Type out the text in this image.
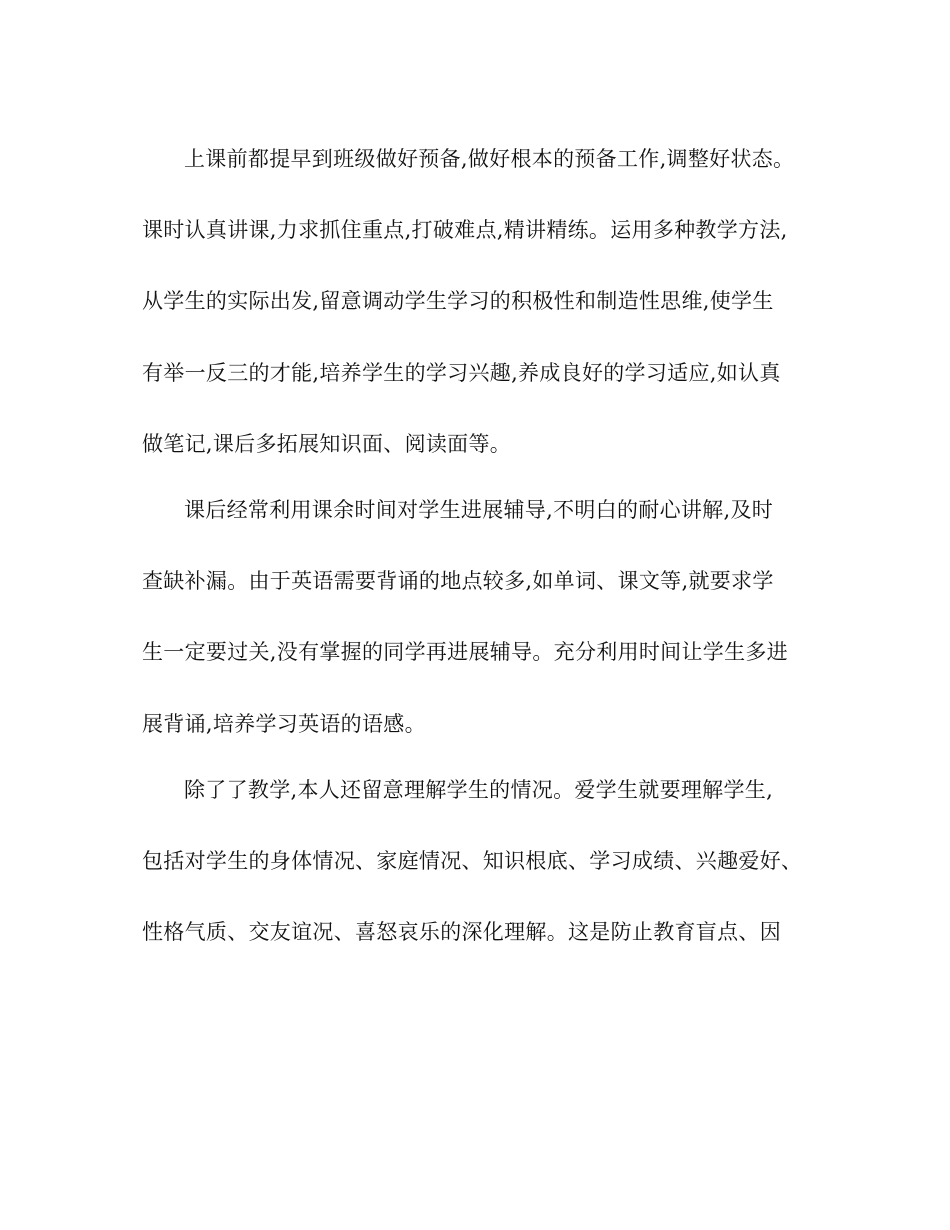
上课前都提早到班级做好预备,做好根本的预备工作,调整好状态。
课时认真讲课,力求抓住重点,打破难点,精讲精练。运用多种教学方法,
从学生的实际出发,留意调动学生学习的积极性和制造性思维,使学生
有举一反三的才能,培养学生的学习兴趣,养成良好的学习适应,如认真
做笔记,课后多拓展知识面、阅读面等。
课后经常利用课余时间对学生进展辅导,不明白的耐心讲解,及时
查缺补漏。由于英语需要背诵的地点较多,如单词、课文等,就要求学
生一定要过关,没有掌握的同学再进展辅导。充分利用时间让学生多进
展背诵,培养学习英语的语感。
除了了教学,本人还留意理解学生的情况。爱学生就要理解学生,
包括对学生的身体情况、家庭情况、知识根底、学习成绩、兴趣爱好、
性格气质、交友谊况、喜怒哀乐的深化理解。这是防止教育盲点、因
